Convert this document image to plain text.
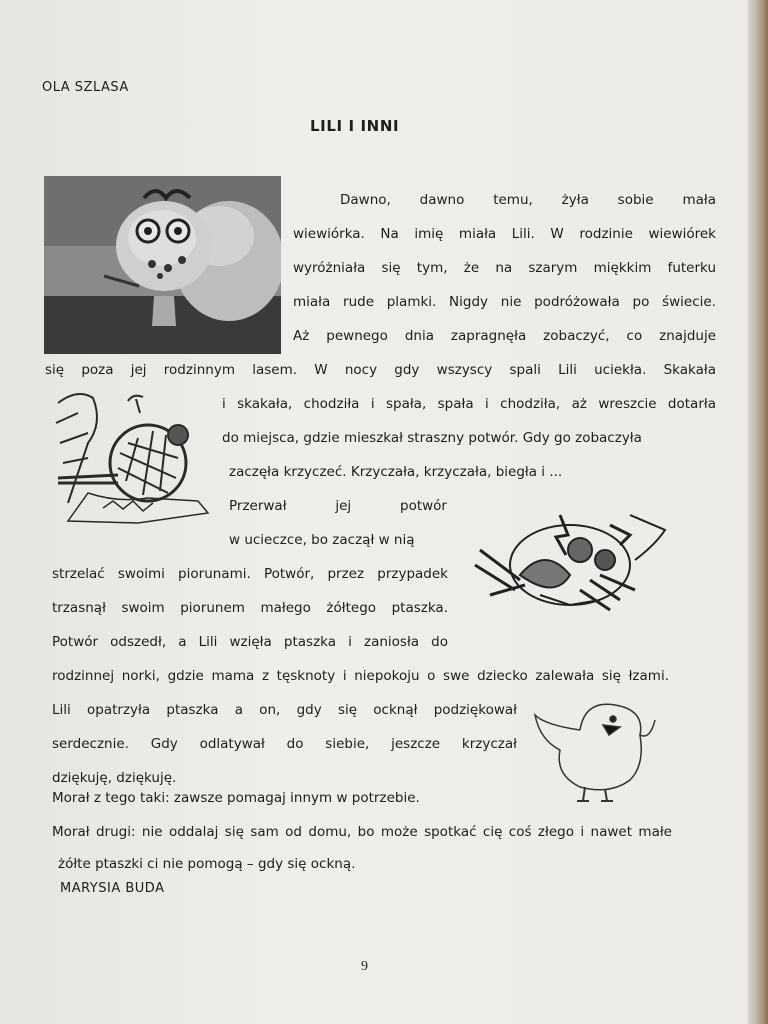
OLA SZLASA
LILI I INNI
Dawno, dawno temu, żyła sobie mała
wiewiórka. Na imię miała Lili. W rodzinie wiewiórek
wyróżniała się tym, że na szarym miękkim futerku
miała rude plamki. Nigdy nie podróżowała po świecie.
Aż pewnego dnia zapragnęła zobaczyć, co znajduje
się poza jej rodzinnym lasem. W nocy gdy wszyscy spali Lili uciekła. Skakała
i skakała, chodziła i spała, spała i chodziła, aż wreszcie dotarła
do miejsca, gdzie mieszkał straszny potwór. Gdy go zobaczyła
zaczęła krzyczeć. Krzyczała, krzyczała, biegła i ...
Przerwał jej potwór
w ucieczce, bo zaczął w nią
strzelać swoimi piorunami. Potwór, przez przypadek
trzasnął swoim piorunem małego żółtego ptaszka.
Potwór odszedł, a Lili wzięła ptaszka i zaniosła do
rodzinnej norki, gdzie mama z tęsknoty i niepokoju o swe dziecko zalewała się łzami.
Lili opatrzyła ptaszka a on, gdy się ocknął podziękował
serdecznie. Gdy odlatywał do siebie, jeszcze krzyczał
dziękuję, dziękuję.
Morał z tego taki: zawsze pomagaj innym w potrzebie.
Morał drugi: nie oddalaj się sam od domu, bo może spotkać cię coś złego i nawet małe
żółte ptaszki ci nie pomogą – gdy się ockną.
MARYSIA BUDA
9
